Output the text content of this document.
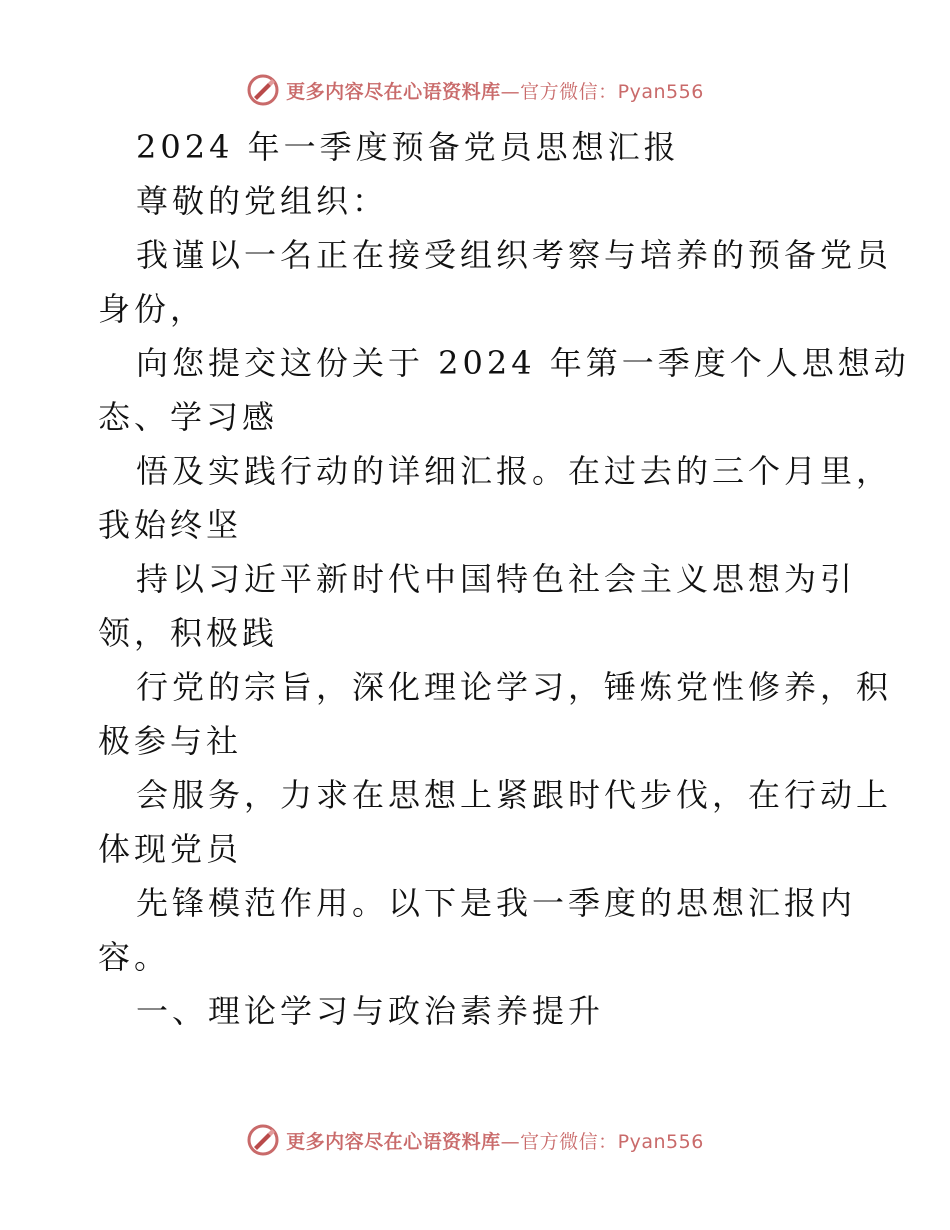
更多内容尽在心语资料库—官方微信：Pyan556
2024 年一季度预备党员思想汇报
尊敬的党组织：
我谨以一名正在接受组织考察与培养的预备党员
身份，
向您提交这份关于 2024 年第一季度个人思想动
态、学习感
悟及实践行动的详细汇报。在过去的三个月里，
我始终坚
持以习近平新时代中国特色社会主义思想为引
领，积极践
行党的宗旨，深化理论学习，锤炼党性修养，积
极参与社
会服务，力求在思想上紧跟时代步伐，在行动上
体现党员
先锋模范作用。以下是我一季度的思想汇报内
容。
一、理论学习与政治素养提升
更多内容尽在心语资料库—官方微信：Pyan556
